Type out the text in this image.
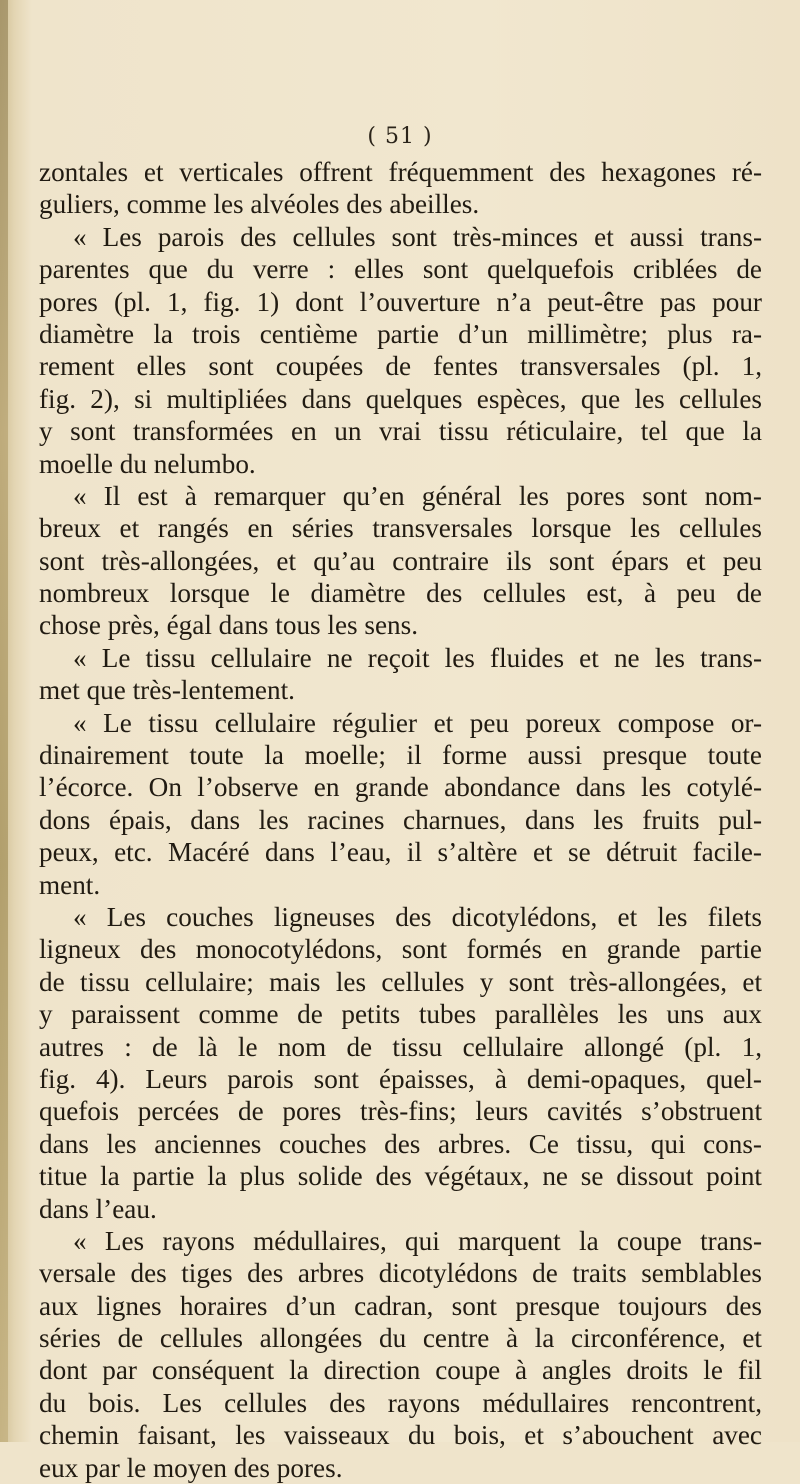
( 51 )
zontales et verticales offrent fréquemment des hexagones ré-
guliers, comme les alvéoles des abeilles.
« Les parois des cellules sont très-minces et aussi trans-
parentes que du verre : elles sont quelquefois criblées de
pores (pl. 1, fig. 1) dont l’ouverture n’a peut-être pas pour
diamètre la trois centième partie d’un millimètre; plus ra-
rement elles sont coupées de fentes transversales (pl. 1,
fig. 2), si multipliées dans quelques espèces, que les cellules
y sont transformées en un vrai tissu réticulaire, tel que la
moelle du nelumbo.
« Il est à remarquer qu’en général les pores sont nom-
breux et rangés en séries transversales lorsque les cellules
sont très-allongées, et qu’au contraire ils sont épars et peu
nombreux lorsque le diamètre des cellules est, à peu de
chose près, égal dans tous les sens.
« Le tissu cellulaire ne reçoit les fluides et ne les trans-
met que très-lentement.
« Le tissu cellulaire régulier et peu poreux compose or-
dinairement toute la moelle; il forme aussi presque toute
l’écorce. On l’observe en grande abondance dans les cotylé-
dons épais, dans les racines charnues, dans les fruits pul-
peux, etc. Macéré dans l’eau, il s’altère et se détruit facile-
ment.
« Les couches ligneuses des dicotylédons, et les filets
ligneux des monocotylédons, sont formés en grande partie
de tissu cellulaire; mais les cellules y sont très-allongées, et
y paraissent comme de petits tubes parallèles les uns aux
autres : de là le nom de tissu cellulaire allongé (pl. 1,
fig. 4). Leurs parois sont épaisses, à demi-opaques, quel-
quefois percées de pores très-fins; leurs cavités s’obstruent
dans les anciennes couches des arbres. Ce tissu, qui cons-
titue la partie la plus solide des végétaux, ne se dissout point
dans l’eau.
« Les rayons médullaires, qui marquent la coupe trans-
versale des tiges des arbres dicotylédons de traits semblables
aux lignes horaires d’un cadran, sont presque toujours des
séries de cellules allongées du centre à la circonférence, et
dont par conséquent la direction coupe à angles droits le fil
du bois. Les cellules des rayons médullaires rencontrent,
chemin faisant, les vaisseaux du bois, et s’abouchent avec
eux par le moyen des pores.
